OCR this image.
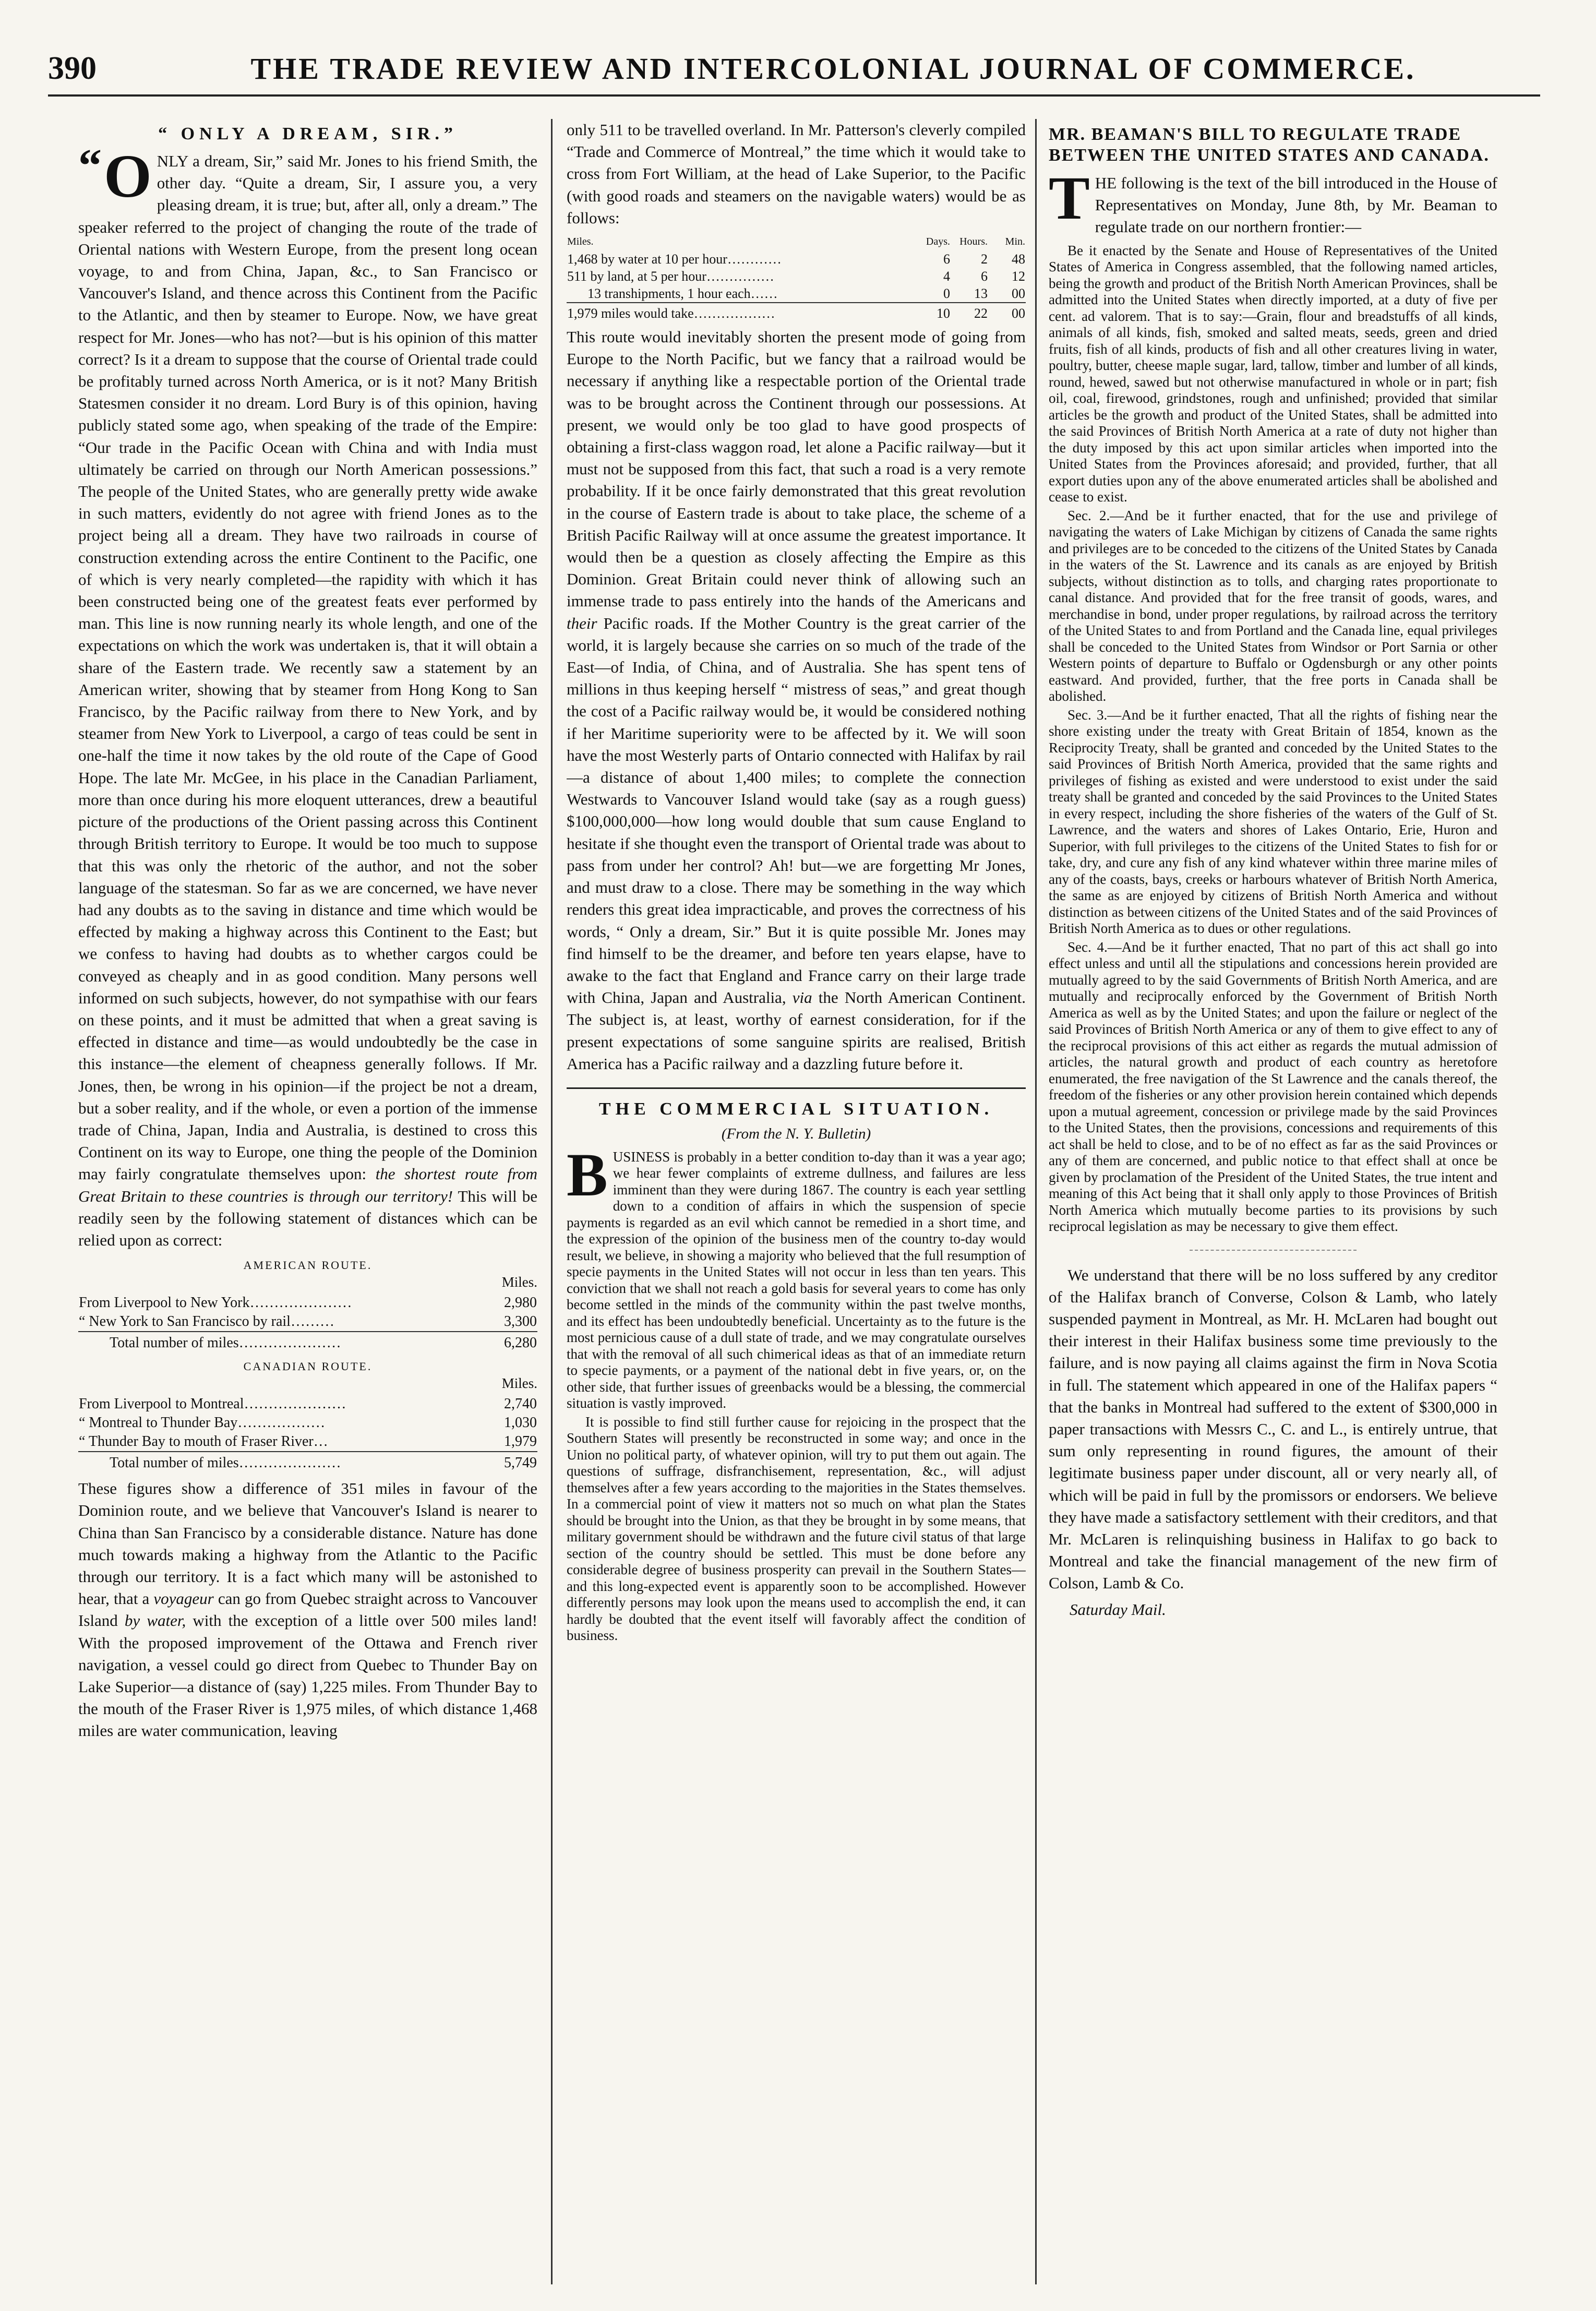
390	THE TRADE REVIEW AND INTERCOLONIAL JOURNAL OF COMMERCE.
“ ONLY A DREAM, SIR.”

“ O NLY a dream, Sir,” said Mr. Jones to his friend Smith, the other day. “Quite a dream, Sir, I assure you, a very pleasing dream, it is true; but, after all, only a dream.” The speaker referred to the project of changing the route of the trade of Oriental nations with Western Europe, from the present long ocean voyage, to and from China, Japan, &c., to San Francisco or Vancouver's Island, and thence across this Continent from the Pacific to the Atlantic, and then by steamer to Europe. Now, we have great respect for Mr. Jones—who has not?—but is his opinion of this matter correct? Is it a dream to suppose that the course of Oriental trade could be profitably turned across North America, or is it not? Many British Statesmen consider it no dream. Lord Bury is of this opinion, having publicly stated some ago, when speaking of the trade of the Empire: “Our trade in the Pacific Ocean with China and with India must ultimately be carried on through our North American possessions.” The people of the United States, who are generally pretty wide awake in such matters, evidently do not agree with friend Jones as to the project being all a dream. They have two railroads in course of construction extending across the entire Continent to the Pacific, one of which is very nearly completed—the rapidity with which it has been constructed being one of the greatest feats ever performed by man. This line is now running nearly its whole length, and one of the expectations on which the work was undertaken is, that it will obtain a share of the Eastern trade. We recently saw a statement by an American writer, showing that by steamer from Hong Kong to San Francisco, by the Pacific railway from there to New York, and by steamer from New York to Liverpool, a cargo of teas could be sent in one-half the time it now takes by the old route of the Cape of Good Hope. The late Mr. McGee, in his place in the Canadian Parliament, more than once during his more eloquent utterances, drew a beautiful picture of the productions of the Orient passing across this Continent through British territory to Europe. It would be too much to suppose that this was only the rhetoric of the author, and not the sober language of the statesman. So far as we are concerned, we have never had any doubts as to the saving in distance and time which would be effected by making a highway across this Continent to the East; but we confess to having had doubts as to whether cargos could be conveyed as cheaply and in as good condition. Many persons well informed on such subjects, however, do not sympathise with our fears on these points, and it must be admitted that when a great saving is effected in distance and time—as would undoubtedly be the case in this instance—the element of cheapness generally follows. If Mr. Jones, then, be wrong in his opinion—if the project be not a dream, but a sober reality, and if the whole, or even a portion of the immense trade of China, Japan, India and Australia, is destined to cross this Continent on its way to Europe, one thing the people of the Dominion may fairly congratulate themselves upon: the shortest route from Great Britain to these countries is through our territory! This will be readily seen by the following statement of distances which can be relied upon as correct:

AMERICAN ROUTE.
Miles.
From Liverpool to New York…………………	2,980
“ New York to San Francisco by rail………	3,300
Total number of miles…………………	6,280
CANADIAN ROUTE.
Miles.
From Liverpool to Montreal…………………	2,740
“ Montreal to Thunder Bay………………	1,030
“ Thunder Bay to mouth of Fraser River…	1,979
Total number of miles…………………	5,749

These figures show a difference of 351 miles in favour of the Dominion route, and we believe that Vancouver's Island is nearer to China than San Francisco by a considerable distance. Nature has done much towards making a highway from the Atlantic to the Pacific through our territory. It is a fact which many will be astonished to hear, that a voyageur can go from Quebec straight across to Vancouver Island by water, with the exception of a little over 500 miles land! With the proposed improvement of the Ottawa and French river navigation, a vessel could go direct from Quebec to Thunder Bay on Lake Superior—a distance of (say) 1,225 miles. From Thunder Bay to the mouth of the Fraser River is 1,975 miles, of which distance 1,468 miles are water communication, leaving

only 511 to be travelled overland. In Mr. Patterson's cleverly compiled “Trade and Commerce of Montreal,” the time which it would take to cross from Fort William, at the head of Lake Superior, to the Pacific (with good roads and steamers on the navigable waters) would be as follows:

Miles.	Days.	Hours.	Min.
1,468 by water at 10 per hour…………	6	2	48
511 by land, at 5 per hour……………	4	6	12
13 transhipments, 1 hour each……	0	13	00
1,979 miles would take………………	10	22	00

This route would inevitably shorten the present mode of going from Europe to the North Pacific, but we fancy that a railroad would be necessary if anything like a respectable portion of the Oriental trade was to be brought across the Continent through our possessions. At present, we would only be too glad to have good prospects of obtaining a first-class waggon road, let alone a Pacific railway—but it must not be supposed from this fact, that such a road is a very remote probability. If it be once fairly demonstrated that this great revolution in the course of Eastern trade is about to take place, the scheme of a British Pacific Railway will at once assume the greatest importance. It would then be a question as closely affecting the Empire as this Dominion. Great Britain could never think of allowing such an immense trade to pass entirely into the hands of the Americans and their Pacific roads. If the Mother Country is the great carrier of the world, it is largely because she carries on so much of the trade of the East—of India, of China, and of Australia. She has spent tens of millions in thus keeping herself “ mistress of seas,” and great though the cost of a Pacific railway would be, it would be considered nothing if her Maritime superiority were to be affected by it. We will soon have the most Westerly parts of Ontario connected with Halifax by rail—a distance of about 1,400 miles; to complete the connection Westwards to Vancouver Island would take (say as a rough guess) $100,000,000—how long would double that sum cause England to hesitate if she thought even the transport of Oriental trade was about to pass from under her control? Ah! but—we are forgetting Mr Jones, and must draw to a close. There may be something in the way which renders this great idea impracticable, and proves the correctness of his words, “ Only a dream, Sir.” But it is quite possible Mr. Jones may find himself to be the dreamer, and before ten years elapse, have to awake to the fact that England and France carry on their large trade with China, Japan and Australia, via the North American Continent. The subject is, at least, worthy of earnest consideration, for if the present expectations of some sanguine spirits are realised, British America has a Pacific railway and a dazzling future before it.

THE COMMERCIAL SITUATION.
(From the N. Y. Bulletin)

BUSINESS is probably in a better condition to-day than it was a year ago; we hear fewer complaints of extreme dullness, and failures are less imminent than they were during 1867. The country is each year settling down to a condition of affairs in which the suspension of specie payments is regarded as an evil which cannot be remedied in a short time, and the expression of the opinion of the business men of the country to-day would result, we believe, in showing a majority who believed that the full resumption of specie payments in the United States will not occur in less than ten years. This conviction that we shall not reach a gold basis for several years to come has only become settled in the minds of the community within the past twelve months, and its effect has been undoubtedly beneficial. Uncertainty as to the future is the most pernicious cause of a dull state of trade, and we may congratulate ourselves that with the removal of all such chimerical ideas as that of an immediate return to specie payments, or a payment of the national debt in five years, or, on the other side, that further issues of greenbacks would be a blessing, the commercial situation is vastly improved.

It is possible to find still further cause for rejoicing in the prospect that the Southern States will presently be reconstructed in some way; and once in the Union no political party, of whatever opinion, will try to put them out again. The questions of suffrage, disfranchisement, representation, &c., will adjust themselves after a few years according to the majorities in the States themselves. In a commercial point of view it matters not so much on what plan the States should be brought into the Union, as that they be brought in by some means, that military government should be withdrawn and the future civil status of that large section of the country should be settled. This must be done before any considerable degree of business prosperity can prevail in the Southern States—and this long-expected event is apparently soon to be accomplished. However differently persons may look upon the means used to accomplish the end, it can hardly be doubted that the event itself will favorably affect the condition of business.

MR. BEAMAN'S BILL TO REGULATE TRADE BETWEEN THE UNITED STATES AND CANADA.

THE following is the text of the bill introduced in the House of Representatives on Monday, June 8th, by Mr. Beaman to regulate trade on our northern frontier:—

Be it enacted by the Senate and House of Representatives of the United States of America in Congress assembled, that the following named articles, being the growth and product of the British North American Provinces, shall be admitted into the United States when directly imported, at a duty of five per cent. ad valorem. That is to say:—Grain, flour and breadstuffs of all kinds, animals of all kinds, fish, smoked and salted meats, seeds, green and dried fruits, fish of all kinds, products of fish and all other creatures living in water, poultry, butter, cheese maple sugar, lard, tallow, timber and lumber of all kinds, round, hewed, sawed but not otherwise manufactured in whole or in part; fish oil, coal, firewood, grindstones, rough and unfinished; provided that similar articles be the growth and product of the United States, shall be admitted into the said Provinces of British North America at a rate of duty not higher than the duty imposed by this act upon similar articles when imported into the United States from the Provinces aforesaid; and provided, further, that all export duties upon any of the above enumerated articles shall be abolished and cease to exist.

Sec. 2.—And be it further enacted, that for the use and privilege of navigating the waters of Lake Michigan by citizens of Canada the same rights and privileges are to be conceded to the citizens of the United States by Canada in the waters of the St. Lawrence and its canals as are enjoyed by British subjects, without distinction as to tolls, and charging rates proportionate to canal distance. And provided that for the free transit of goods, wares, and merchandise in bond, under proper regulations, by railroad across the territory of the United States to and from Portland and the Canada line, equal privileges shall be conceded to the United States from Windsor or Port Sarnia or other Western points of departure to Buffalo or Ogdensburgh or any other points eastward. And provided, further, that the free ports in Canada shall be abolished.

Sec. 3.—And be it further enacted, That all the rights of fishing near the shore existing under the treaty with Great Britain of 1854, known as the Reciprocity Treaty, shall be granted and conceded by the United States to the said Provinces of British North America, provided that the same rights and privileges of fishing as existed and were understood to exist under the said treaty shall be granted and conceded by the said Provinces to the United States in every respect, including the shore fisheries of the waters of the Gulf of St. Lawrence, and the waters and shores of Lakes Ontario, Erie, Huron and Superior, with full privileges to the citizens of the United States to fish for or take, dry, and cure any fish of any kind whatever within three marine miles of any of the coasts, bays, creeks or harbours whatever of British North America, the same as are enjoyed by citizens of British North America and without distinction as between citizens of the United States and of the said Provinces of British North America as to dues or other regulations.

Sec. 4.—And be it further enacted, That no part of this act shall go into effect unless and until all the stipulations and concessions herein provided are mutually agreed to by the said Governments of British North America, and are mutually and reciprocally enforced by the Government of British North America as well as by the United States; and upon the failure or neglect of the said Provinces of British North America or any of them to give effect to any of the reciprocal provisions of this act either as regards the mutual admission of articles, the natural growth and product of each country as heretofore enumerated, the free navigation of the St Lawrence and the canals thereof, the freedom of the fisheries or any other provision herein contained which depends upon a mutual agreement, concession or privilege made by the said Provinces to the United States, then the provisions, concessions and requirements of this act shall be held to close, and to be of no effect as far as the said Provinces or any of them are concerned, and public notice to that effect shall at once be given by proclamation of the President of the United States, the true intent and meaning of this Act being that it shall only apply to those Provinces of British North America which mutually become parties to its provisions by such reciprocal legislation as may be necessary to give them effect.

We understand that there will be no loss suffered by any creditor of the Halifax branch of Converse, Colson & Lamb, who lately suspended payment in Montreal, as Mr. H. McLaren had bought out their interest in their Halifax business some time previously to the failure, and is now paying all claims against the firm in Nova Scotia in full. The statement which appeared in one of the Halifax papers “ that the banks in Montreal had suffered to the extent of $300,000 in paper transactions with Messrs C., C. and L., is entirely untrue, that sum only representing in round figures, the amount of their legitimate business paper under discount, all or very nearly all, of which will be paid in full by the promissors or endorsers. We believe they have made a satisfactory settlement with their creditors, and that Mr. McLaren is relinquishing business in Halifax to go back to Montreal and take the financial management of the new firm of Colson, Lamb & Co.

Saturday Mail.
